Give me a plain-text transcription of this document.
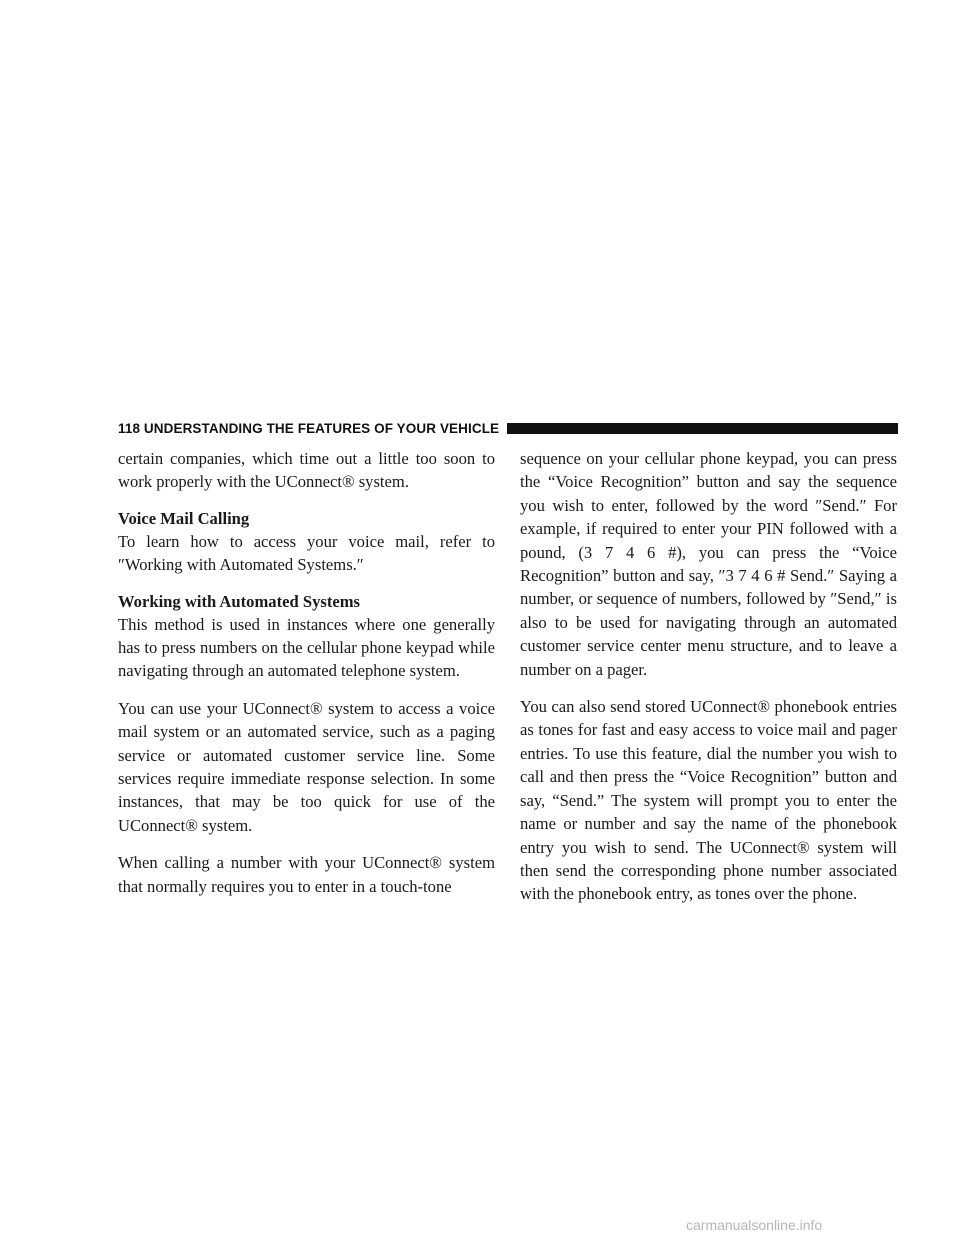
118 UNDERSTANDING THE FEATURES OF YOUR VEHICLE

certain companies, which time out a little too soon to work properly with the UConnect® system.

Voice Mail Calling

To learn how to access your voice mail, refer to ″Working with Automated Systems.″

Working with Automated Systems

This method is used in instances where one generally has to press numbers on the cellular phone keypad while navigating through an automated telephone system.

You can use your UConnect® system to access a voice mail system or an automated service, such as a paging service or automated customer service line. Some services require immediate response selection. In some instances, that may be too quick for use of the UConnect® system.

When calling a number with your UConnect® system that normally requires you to enter in a touch-tone

sequence on your cellular phone keypad, you can press the “Voice Recognition” button and say the sequence you wish to enter, followed by the word ″Send.″ For example, if required to enter your PIN followed with a pound, (3 7 4 6 #), you can press the “Voice Recognition” button and say, ″3 7 4 6 # Send.″ Saying a number, or sequence of numbers, followed by ″Send,″ is also to be used for navigating through an automated customer service center menu structure, and to leave a number on a pager.

You can also send stored UConnect® phonebook entries as tones for fast and easy access to voice mail and pager entries. To use this feature, dial the number you wish to call and then press the “Voice Recognition” button and say, “Send.” The system will prompt you to enter the name or number and say the name of the phonebook entry you wish to send. The UConnect® system will then send the corresponding phone number associated with the phonebook entry, as tones over the phone.

carmanualsonline.info
